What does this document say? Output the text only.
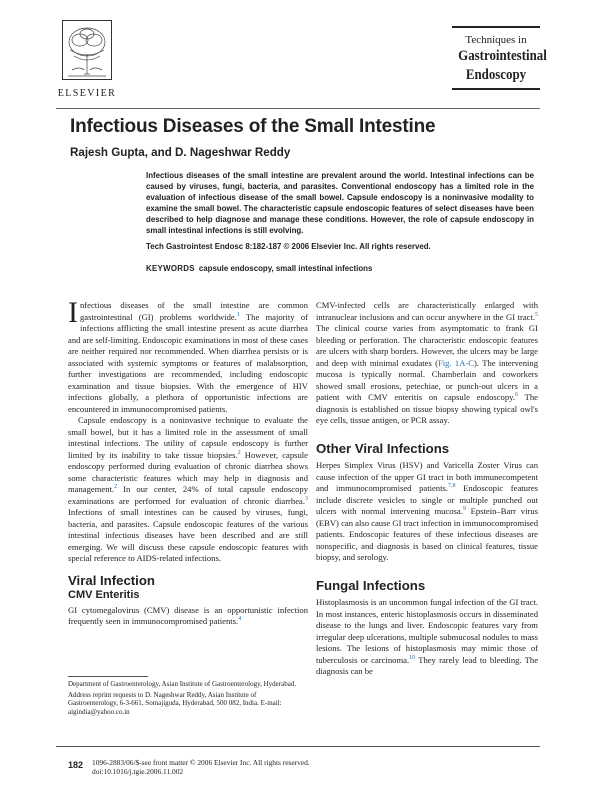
ELSEVIER
Techniques in
Gastrointestinal
Endoscopy
Infectious Diseases of the Small Intestine
Rajesh Gupta, and D. Nageshwar Reddy
Infectious diseases of the small intestine are prevalent around the world. Intestinal infections can be caused by viruses, fungi, bacteria, and parasites. Conventional endoscopy has a limited role in the evaluation of infectious disease of the small bowel. Capsule endoscopy is a noninvasive modality to examine the small bowel. The characteristic capsule endoscopic features of select diseases have been described to help diagnose and manage these conditions. However, the role of capsule endoscopy in small intestinal infections is still evolving.
Tech Gastrointest Endosc 8:182-187 © 2006 Elsevier Inc. All rights reserved.
KEYWORDS capsule endoscopy, small intestinal infections

Infectious diseases of the small intestine are common gastrointestinal (GI) problems worldwide.$^1$ The majority of infections afflicting the small intestine present as acute diarrhea and are self-limiting. Endoscopic examinations in most of these cases are neither required nor recommended. When diarrhea persists or is associated with systemic symptoms or features of malabsorption, further investigations are recommended, including endoscopic examination and tissue biopsies. With the emergence of HIV infections globally, a plethora of opportunistic infections are encountered in immunocompromised patients.

Capsule endoscopy is a noninvasive technique to evaluate the small bowel, but it has a limited role in the assessment of small intestinal infections. The utility of capsule endoscopy is further limited by its inability to take tissue biopsies.$^2$ However, capsule endoscopy performed during evaluation of chronic diarrhea shows some characteristic features which may help in diagnosis and management.$^2$ In our center, 24% of total capsule endoscopy examinations are performed for evaluation of chronic diarrhea.$^3$ Infections of small intestines can be caused by viruses, fungi, bacteria, and parasites. Capsule endoscopic features of the various intestinal infectious diseases have been described and are still emerging. We will discuss these capsule endoscopic features with special reference to AIDS-related infections.

Viral Infection
CMV Enteritis

GI cytomegalovirus (CMV) disease is an opportunistic infection frequently seen in immunocompromised patients.$^4$

Department of Gastroenterology, Asian Institute of Gastroenterology, Hyderabad.
Address reprint requests to D. Nageshwar Reddy, Asian Institute of Gastroenterology, 6-3-661, Somajiguda, Hyderabad, 500 082, India. E-mail: aigindia@yahoo.co.in

CMV-infected cells are characteristically enlarged with intranuclear inclusions and can occur anywhere in the GI tract.$^5$ The clinical course varies from asymptomatic to frank GI bleeding or perforation. The characteristic endoscopic features are ulcers with sharp borders. However, the ulcers may be large and deep with minimal exudates (Fig. 1A-C). The intervening mucosa is typically normal. Chamberlain and coworkers showed small erosions, petechiae, or punch-out ulcers in a patient with CMV enteritis on capsule endoscopy.$^6$ The diagnosis is established on tissue biopsy showing typical owl's eye cells, tissue antigen, or PCR assay.

Other Viral Infections

Herpes Simplex Virus (HSV) and Varicella Zoster Virus can cause infection of the upper GI tract in both immunecompetent and immunocompromised patients.$^{7,8}$ Endoscopic features include discrete vesicles to single or multiple punched out ulcers with normal intervening mucosa.$^9$ Epstein–Barr virus (EBV) can also cause GI tract infection in immunocompromised patients. Endoscopic features of these infectious diseases are nonspecific, and diagnosis is based on clinical features, tissue biopsy, and serology.

Fungal Infections

Histoplasmosis is an uncommon fungal infection of the GI tract. In most instances, enteric histoplasmosis occurs in disseminated disease to the lungs and liver. Endoscopic features vary from irregular deep ulcerations, multiple submucosal nodules to mass lesions. The lesions of histoplasmosis may mimic those of tuberculosis or carcinoma.$^{10}$ They rarely lead to bleeding. The diagnosis can be

182 1096-2883/06/$-see front matter © 2006 Elsevier Inc. All rights reserved.
doi:10.1016/j.tgie.2006.11.002
